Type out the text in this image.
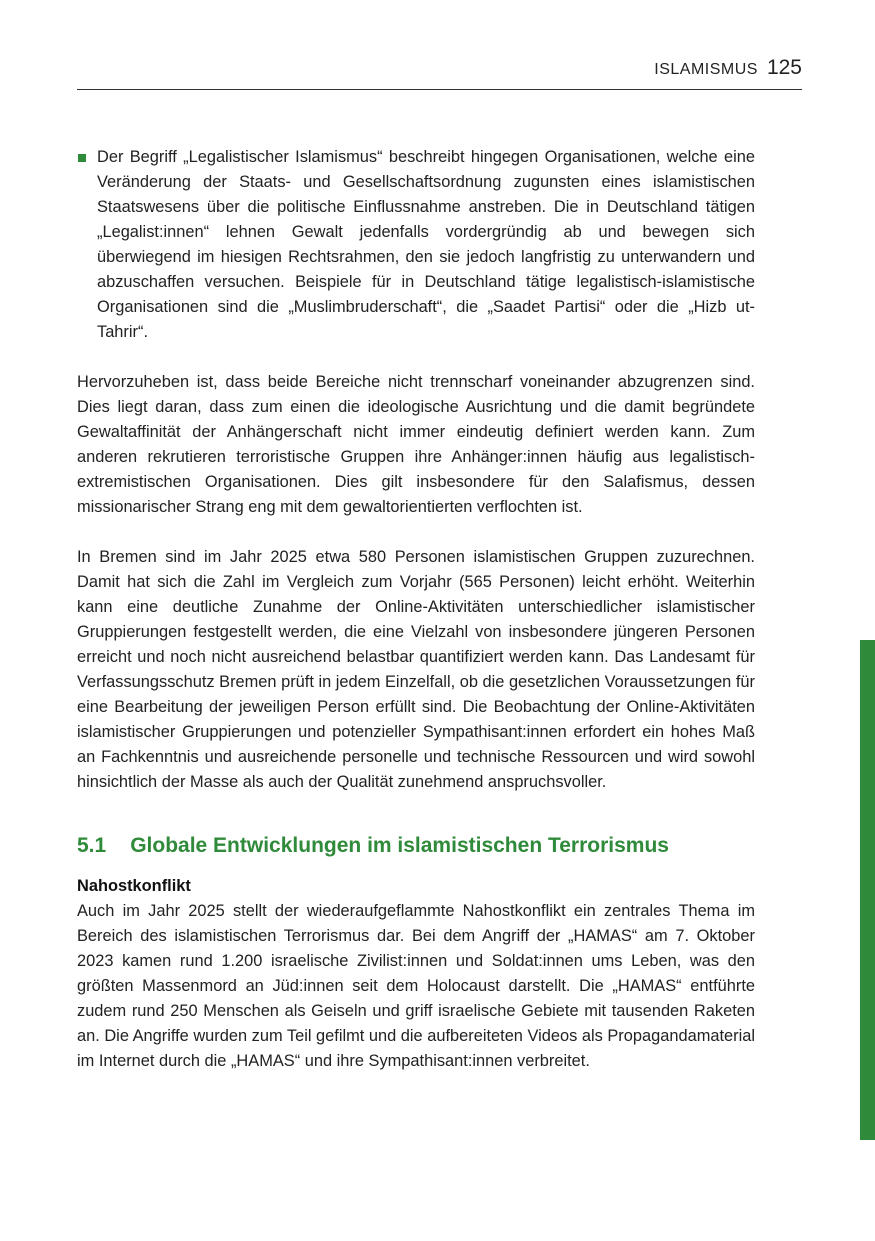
ISLAMISMUS 125

Der Begriff „Legalistischer Islamismus“ beschreibt hingegen Organisationen, welche eine Veränderung der Staats- und Gesellschaftsordnung zugunsten eines islamistischen Staatswesens über die politische Einflussnahme anstreben. Die in Deutschland tätigen „Legalist:innen“ lehnen Gewalt jedenfalls vordergründig ab und bewegen sich überwiegend im hiesigen Rechtsrahmen, den sie jedoch langfristig zu unterwandern und abzuschaffen versuchen. Beispiele für in Deutschland tätige legalistisch-islamistische Organisationen sind die „Muslimbruderschaft“, die „Saadet Partisi“ oder die „Hizb ut-Tahrir“.

Hervorzuheben ist, dass beide Bereiche nicht trennscharf voneinander abzugrenzen sind. Dies liegt daran, dass zum einen die ideologische Ausrichtung und die damit begründete Gewaltaffinität der Anhängerschaft nicht immer eindeutig definiert werden kann. Zum anderen rekrutieren terroristische Gruppen ihre Anhänger:innen häufig aus legalistisch-extremistischen Organisationen. Dies gilt insbesondere für den Salafismus, dessen missionarischer Strang eng mit dem gewaltorientierten verflochten ist.

In Bremen sind im Jahr 2025 etwa 580 Personen islamistischen Gruppen zuzurechnen. Damit hat sich die Zahl im Vergleich zum Vorjahr (565 Personen) leicht erhöht. Weiterhin kann eine deutliche Zunahme der Online-Aktivitäten unterschiedlicher islamistischer Gruppierungen festgestellt werden, die eine Vielzahl von insbesondere jüngeren Personen erreicht und noch nicht ausreichend belastbar quantifiziert werden kann. Das Landesamt für Verfassungsschutz Bremen prüft in jedem Einzelfall, ob die gesetzlichen Voraussetzungen für eine Bearbeitung der jeweiligen Person erfüllt sind. Die Beobachtung der Online-Aktivitäten islamistischer Gruppierungen und potenzieller Sympathisant:innen erfordert ein hohes Maß an Fachkenntnis und ausreichende personelle und technische Ressourcen und wird sowohl hinsichtlich der Masse als auch der Qualität zunehmend anspruchsvoller.

5.1 Globale Entwicklungen im islamistischen Terrorismus

Nahostkonflikt

Auch im Jahr 2025 stellt der wiederaufgeflammte Nahostkonflikt ein zentrales Thema im Bereich des islamistischen Terrorismus dar. Bei dem Angriff der „HAMAS“ am 7. Oktober 2023 kamen rund 1.200 israelische Zivilist:innen und Soldat:innen ums Leben, was den größten Massenmord an Jüd:innen seit dem Holocaust darstellt. Die „HAMAS“ entführte zudem rund 250 Menschen als Geiseln und griff israelische Gebiete mit tausenden Raketen an. Die Angriffe wurden zum Teil gefilmt und die aufbereiteten Videos als Propagandamaterial im Internet durch die „HAMAS“ und ihre Sympathisant:innen verbreitet.
